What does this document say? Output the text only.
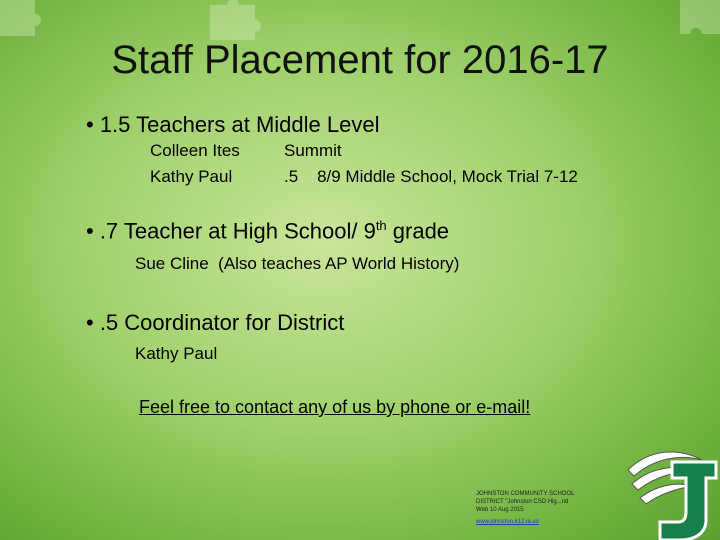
Staff Placement for 2016-17
• 1.5 Teachers at Middle Level
Colleen Ites	Summit
Kathy Paul	.5    8/9 Middle School, Mock Trial 7-12
• .7 Teacher at High School/ 9th grade
Sue Cline  (Also teaches AP World History)
• .5 Coordinator for District
Kathy Paul
Feel free to contact any of us by phone or e-mail!
JOHNSTON COMMUNITY SCHOOL
DISTRICT "Johnston CSD Hig...nd
Web 10 Aug 2015
www.johnston.k12.ia.us
